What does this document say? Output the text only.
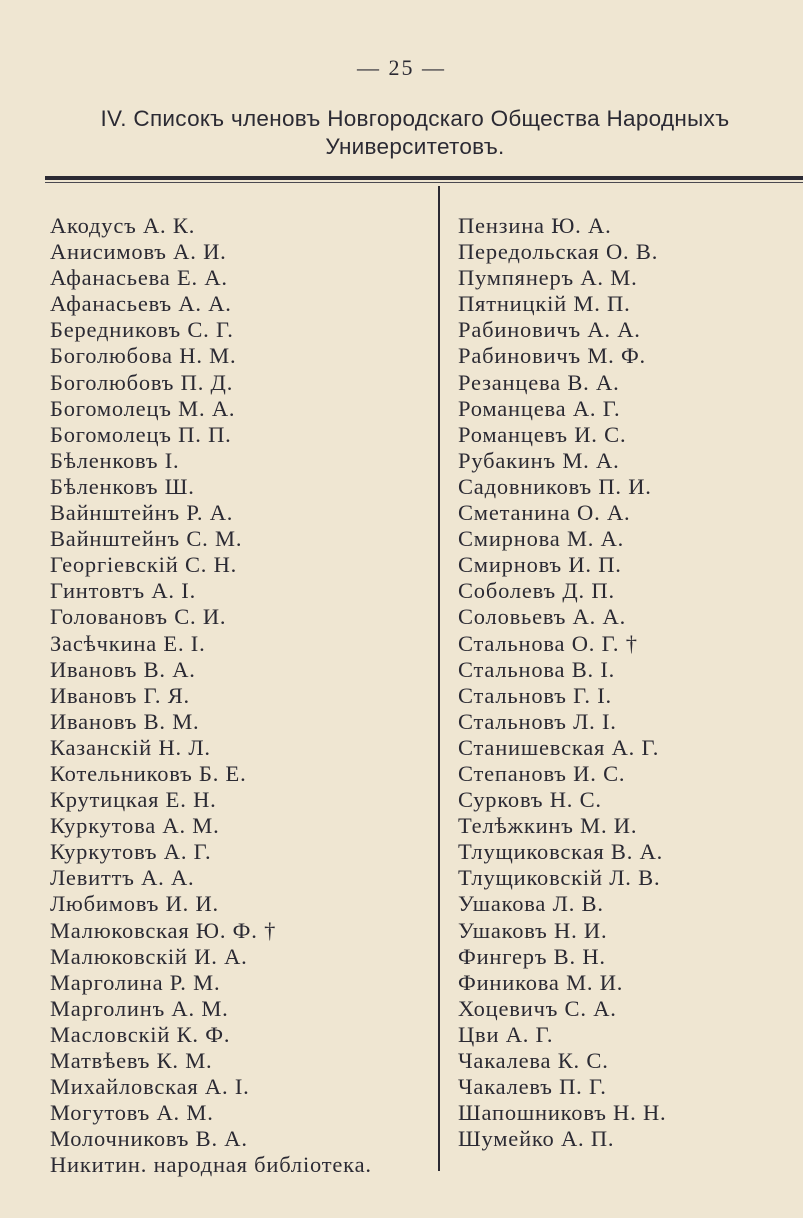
— 25 —
IV. Списокъ членовъ Новгородскаго Общества Народныхъ
Университетовъ.
Акодусъ А. К.
Анисимовъ А. И.
Афанасьева Е. А.
Афанасьевъ А. А.
Бередниковъ С. Г.
Боголюбова Н. М.
Боголюбовъ П. Д.
Богомолецъ М. А.
Богомолецъ П. П.
Бѣленковъ I.
Бѣленковъ Ш.
Вайнштейнъ Р. А.
Вайнштейнъ С. М.
Георгіевскій С. Н.
Гинтовтъ А. I.
Головановъ С. И.
Засѣчкина Е. I.
Ивановъ В. А.
Ивановъ Г. Я.
Ивановъ В. М.
Казанскій Н. Л.
Котельниковъ Б. Е.
Крутицкая Е. Н.
Куркутова А. М.
Куркутовъ А. Г.
Левиттъ А. А.
Любимовъ И. И.
Малюковская Ю. Ф. †
Малюковскій И. А.
Марголина Р. М.
Марголинъ А. М.
Масловскій К. Ф.
Матвѣевъ К. М.
Михайловская А. I.
Могутовъ А. М.
Молочниковъ В. А.
Никитин. народная библіотека.
Пензина Ю. А.
Передольская О. В.
Пумпянеръ А. М.
Пятницкій М. П.
Рабиновичъ А. А.
Рабиновичъ М. Ф.
Резанцева В. А.
Романцева А. Г.
Романцевъ И. С.
Рубакинъ М. А.
Садовниковъ П. И.
Сметанина О. А.
Смирнова М. А.
Смирновъ И. П.
Соболевъ Д. П.
Соловьевъ А. А.
Стальнова О. Г. †
Стальнова В. I.
Стальновъ Г. I.
Стальновъ Л. I.
Станишевская А. Г.
Степановъ И. С.
Сурковъ Н. С.
Телѣжкинъ М. И.
Тлущиковская В. А.
Тлущиковскій Л. В.
Ушакова Л. В.
Ушаковъ Н. И.
Фингеръ В. Н.
Финикова М. И.
Хоцевичъ С. А.
Цви А. Г.
Чакалева К. С.
Чакалевъ П. Г.
Шапошниковъ Н. Н.
Шумейко А. П.
